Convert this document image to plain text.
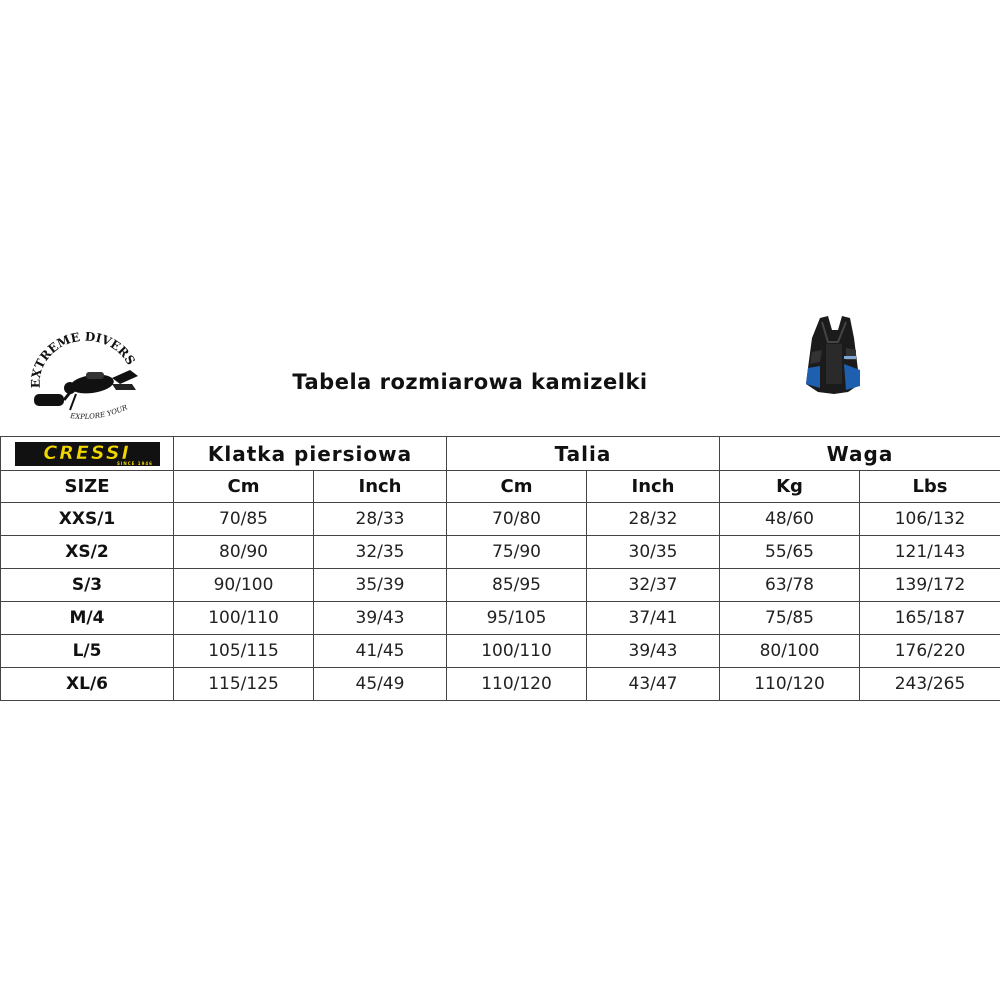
EXTREME DIVERS
EXPLORE YOUR
Tabela rozmiarowa kamizelki
CRESSI
SINCE 1946	Klatka piersiowa		Talia		Waga	
SIZE	Cm	Inch	Cm	Inch	Kg	Lbs
XXS/1	70/85	28/33	70/80	28/32	48/60	106/132
XS/2	80/90	32/35	75/90	30/35	55/65	121/143
S/3	90/100	35/39	85/95	32/37	63/78	139/172
M/4	100/110	39/43	95/105	37/41	75/85	165/187
L/5	105/115	41/45	100/110	39/43	80/100	176/220
XL/6	115/125	45/49	110/120	43/47	110/120	243/265
